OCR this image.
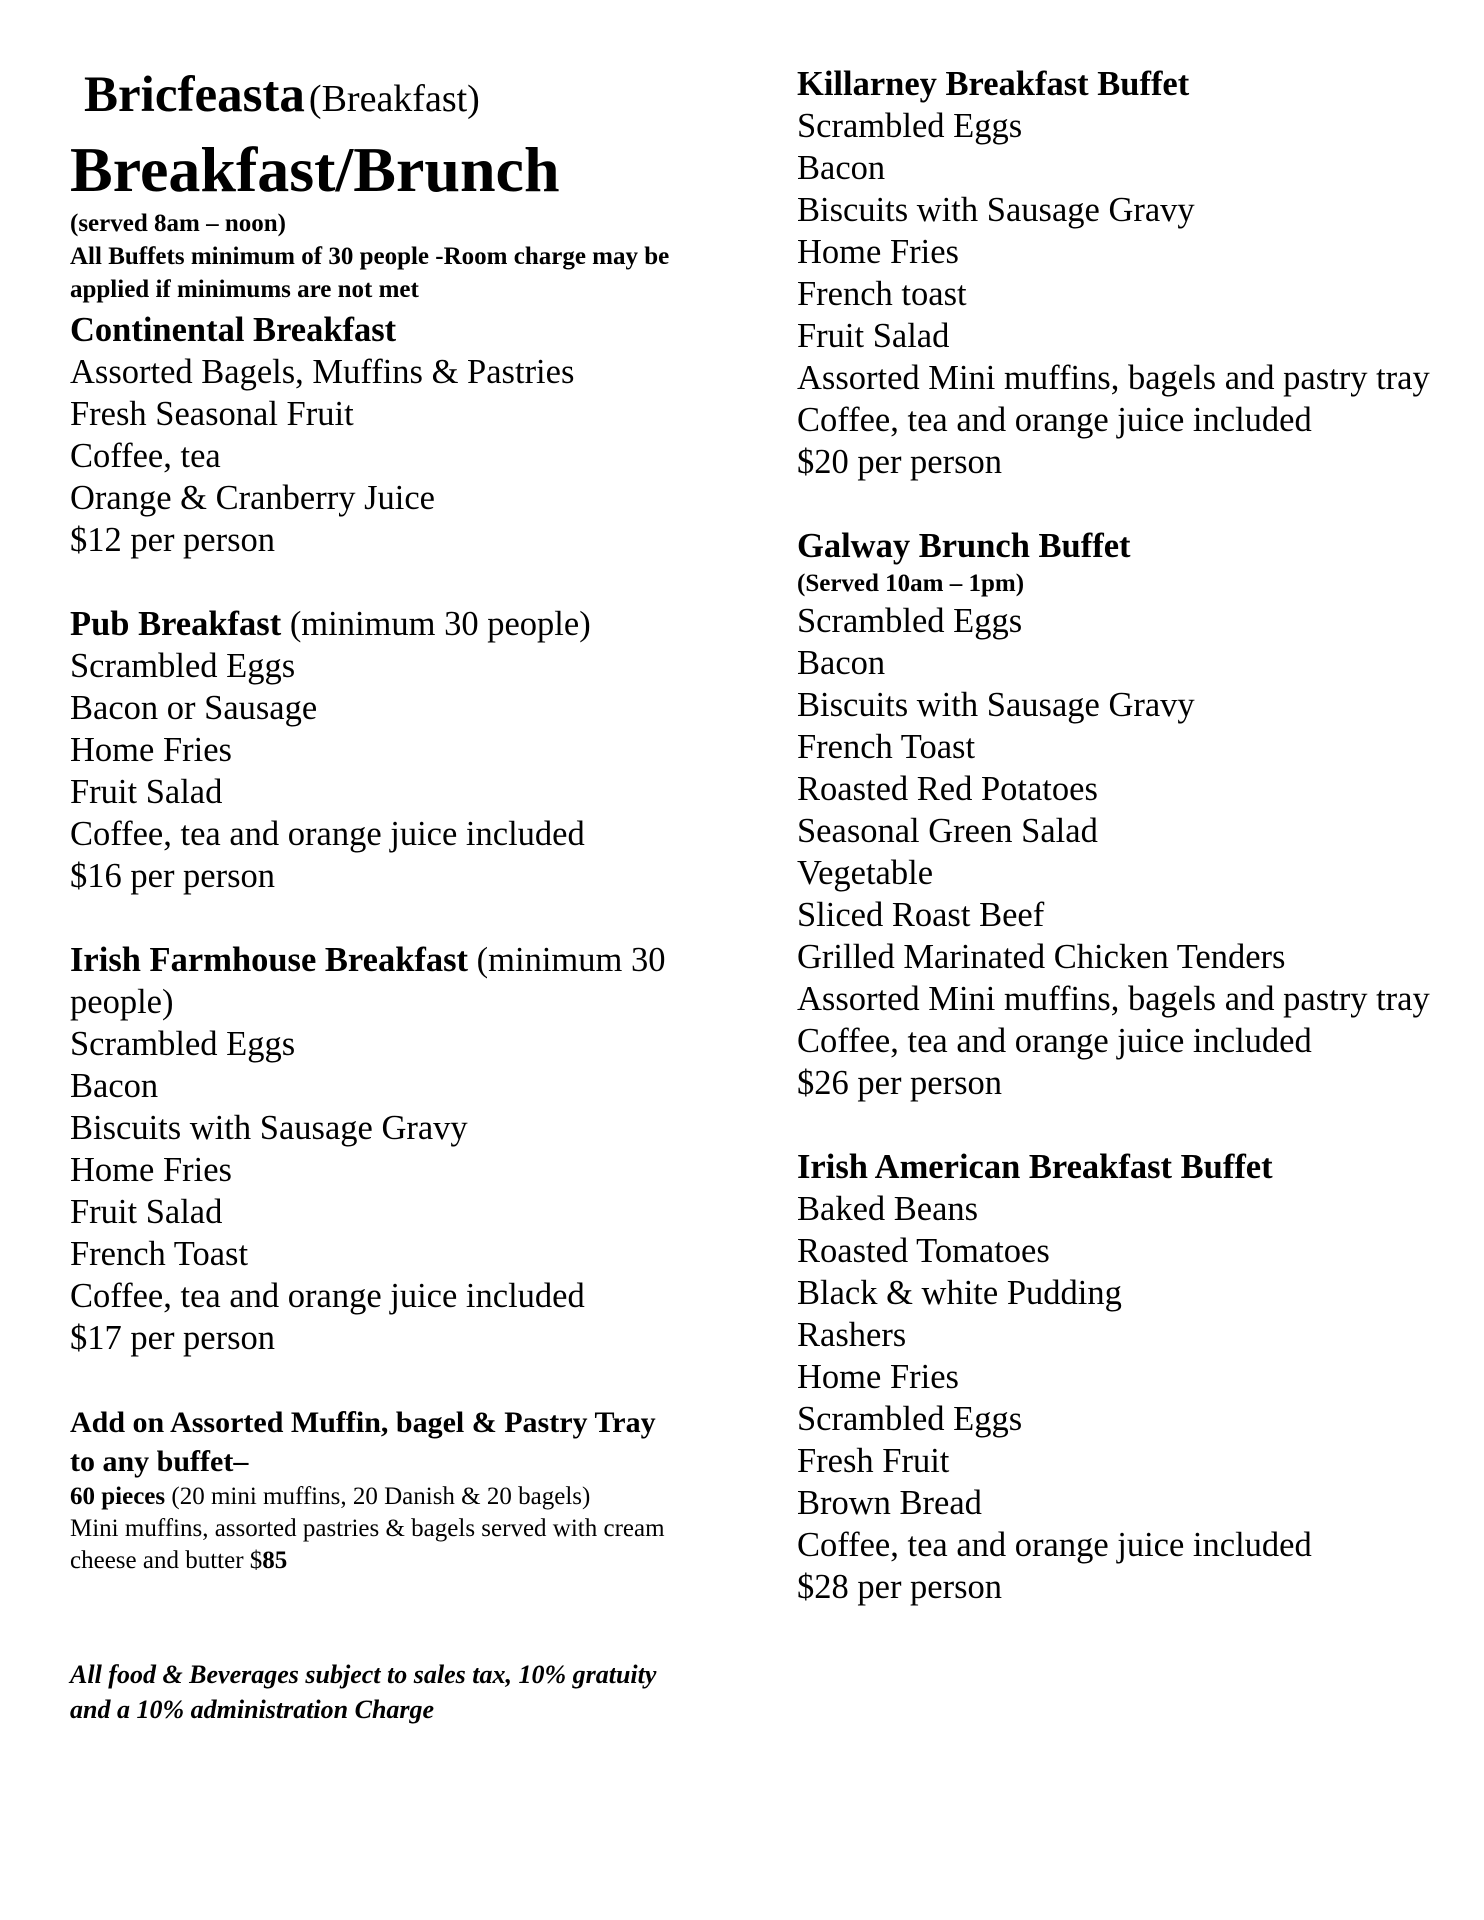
Bricfeasta (Breakfast)
Breakfast/Brunch
(served 8am – noon)
All Buffets minimum of 30 people -Room charge may be applied if minimums are not met
Continental Breakfast
Assorted Bagels, Muffins & Pastries
Fresh Seasonal Fruit
Coffee, tea
Orange & Cranberry Juice
$12 per person
Pub Breakfast (minimum 30 people)
Scrambled Eggs
Bacon or Sausage
Home Fries
Fruit Salad
Coffee, tea and orange juice included
$16 per person
Irish Farmhouse Breakfast (minimum 30 people)
Scrambled Eggs
Bacon
Biscuits with Sausage Gravy
Home Fries
Fruit Salad
French Toast
Coffee, tea and orange juice included
$17 per person
Add on Assorted Muffin, bagel & Pastry Tray to any buffet–
60 pieces (20 mini muffins, 20 Danish & 20 bagels)
Mini muffins, assorted pastries & bagels served with cream cheese and butter $85
All food & Beverages subject to sales tax, 10% gratuity and a 10% administration Charge
Killarney Breakfast Buffet
Scrambled Eggs
Bacon
Biscuits with Sausage Gravy
Home Fries
French toast
Fruit Salad
Assorted Mini muffins, bagels and pastry tray
Coffee, tea and orange juice included
$20 per person
Galway Brunch Buffet
(Served 10am – 1pm)
Scrambled Eggs
Bacon
Biscuits with Sausage Gravy
French Toast
Roasted Red Potatoes
Seasonal Green Salad
Vegetable
Sliced Roast Beef
Grilled Marinated Chicken Tenders
Assorted Mini muffins, bagels and pastry tray
Coffee, tea and orange juice included
$26 per person
Irish American Breakfast Buffet
Baked Beans
Roasted Tomatoes
Black & white Pudding
Rashers
Home Fries
Scrambled Eggs
Fresh Fruit
Brown Bread
Coffee, tea and orange juice included
$28 per person
